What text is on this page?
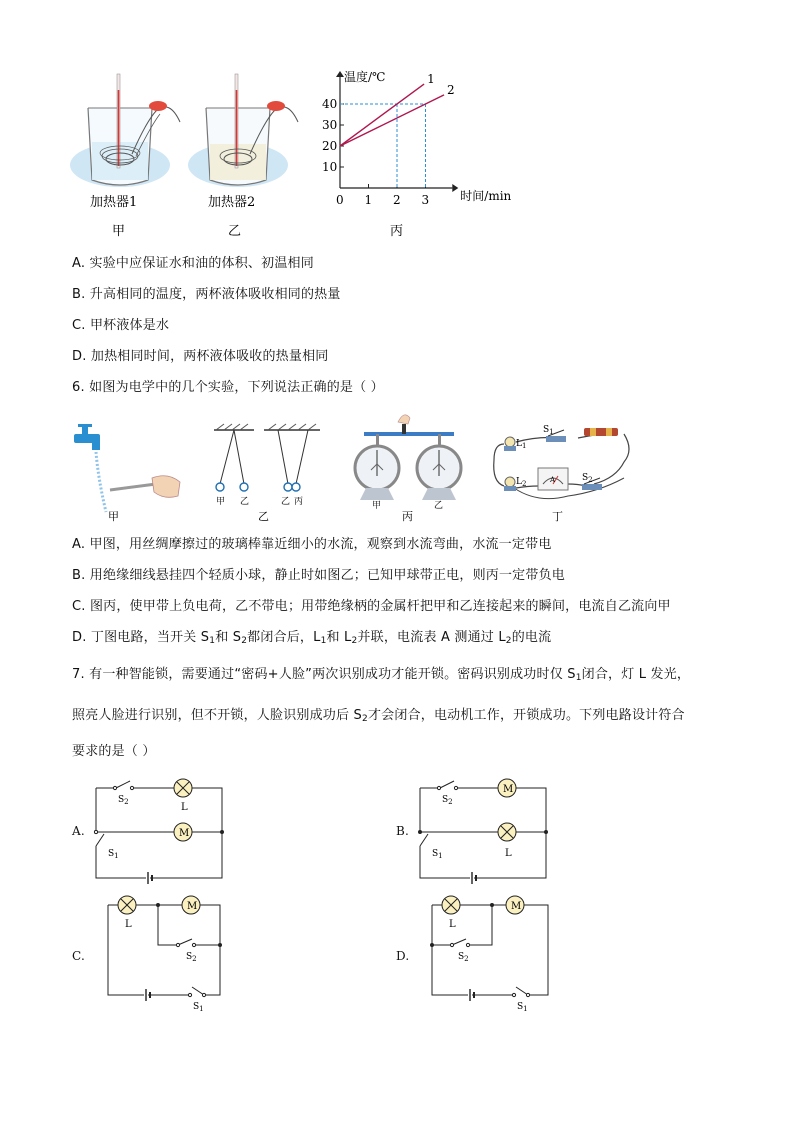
加热器1
甲
加热器2
乙
10
20
30
40
0 1 2 3
1
2
温度/℃
时间/min
丙
A. 实验中应保证水和油的体积、初温相同
B. 升高相同的温度，两杯液体吸收相同的热量
C. 甲杯液体是水
D. 加热相同时间，两杯液体吸收的热量相同
6. 如图为电学中的几个实验，下列说法正确的是（ ）
甲
甲 乙	乙 丙
乙
甲	乙
丙
$L_1$
$L_2$
$S_1$
$S_2$
A
丁
A. 甲图，用丝绸摩擦过的玻璃棒靠近细小的水流，观察到水流弯曲，水流一定带电
B. 用绝缘细线悬挂四个轻质小球，静止时如图乙；已知甲球带正电，则丙一定带负电
C. 图丙，使甲带上负电荷，乙不带电；用带绝缘柄的金属杆把甲和乙连接起来的瞬间，电流自乙流向甲
D. 丁图电路，当开关 $S_1$和 $S_2$都闭合后，$L_1$和 $L_2$并联，电流表 A 测通过 $L_2$的电流
7. 有一种智能锁，需要通过“密码+人脸”两次识别成功才能开锁。密码识别成功时仅 $S_1$闭合，灯 L 发光，
照亮人脸进行识别，但不开锁，人脸识别成功后 $S_2$才会闭合，电动机工作，开锁成功。下列电路设计符合
要求的是（ ）
A.	M
L
$S_2$
$S_1$
B.
M
L
$S_2$
$S_1$
C.
M
L
$S_2$
$S_1$
D.
M
L
$S_2$
$S_1$
